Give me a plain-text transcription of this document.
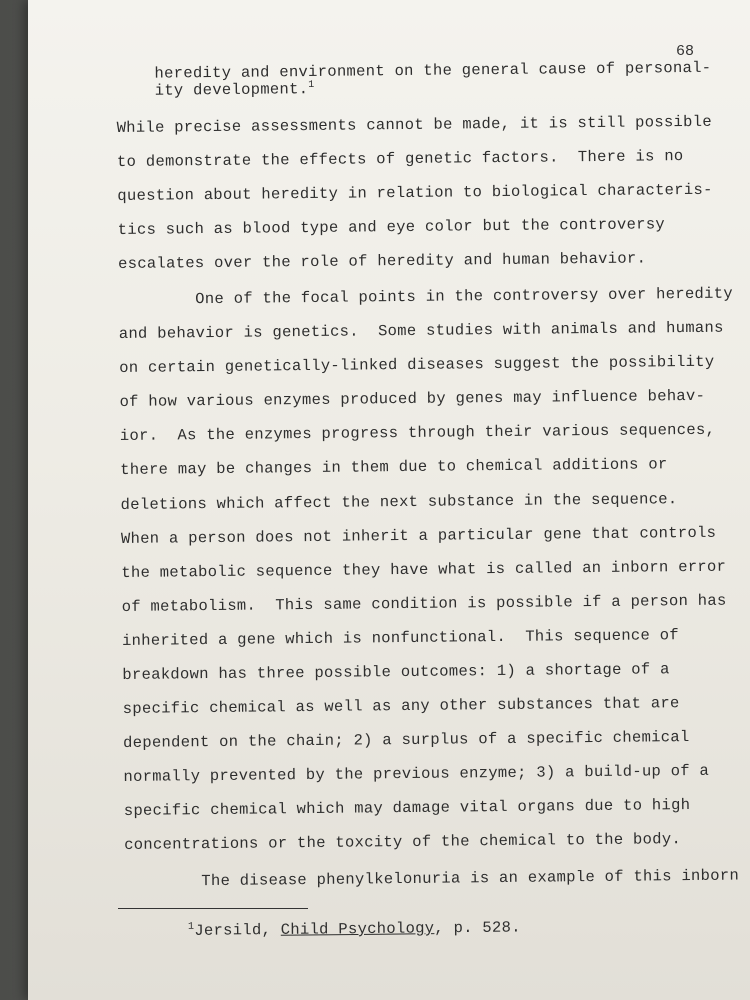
68
heredity and environment on the general cause of personal-
ity development.$^1$
While precise assessments cannot be made, it is still possible
to demonstrate the effects of genetic factors.  There is no
question about heredity in relation to biological characteris-
tics such as blood type and eye color but the controversy
escalates over the role of heredity and human behavior.
One of the focal points in the controversy over heredity
and behavior is genetics.  Some studies with animals and humans
on certain genetically-linked diseases suggest the possibility
of how various enzymes produced by genes may influence behav-
ior.  As the enzymes progress through their various sequences,
there may be changes in them due to chemical additions or
deletions which affect the next substance in the sequence.
When a person does not inherit a particular gene that controls
the metabolic sequence they have what is called an inborn error
of metabolism.  This same condition is possible if a person has
inherited a gene which is nonfunctional.  This sequence of
breakdown has three possible outcomes: 1) a shortage of a
specific chemical as well as any other substances that are
dependent on the chain; 2) a surplus of a specific chemical
normally prevented by the previous enzyme; 3) a build-up of a
specific chemical which may damage vital organs due to high
concentrations or the toxcity of the chemical to the body.
The disease phenylkelonuria is an example of this inborn
$^1$Jersild, Child Psychology, p. 528.
